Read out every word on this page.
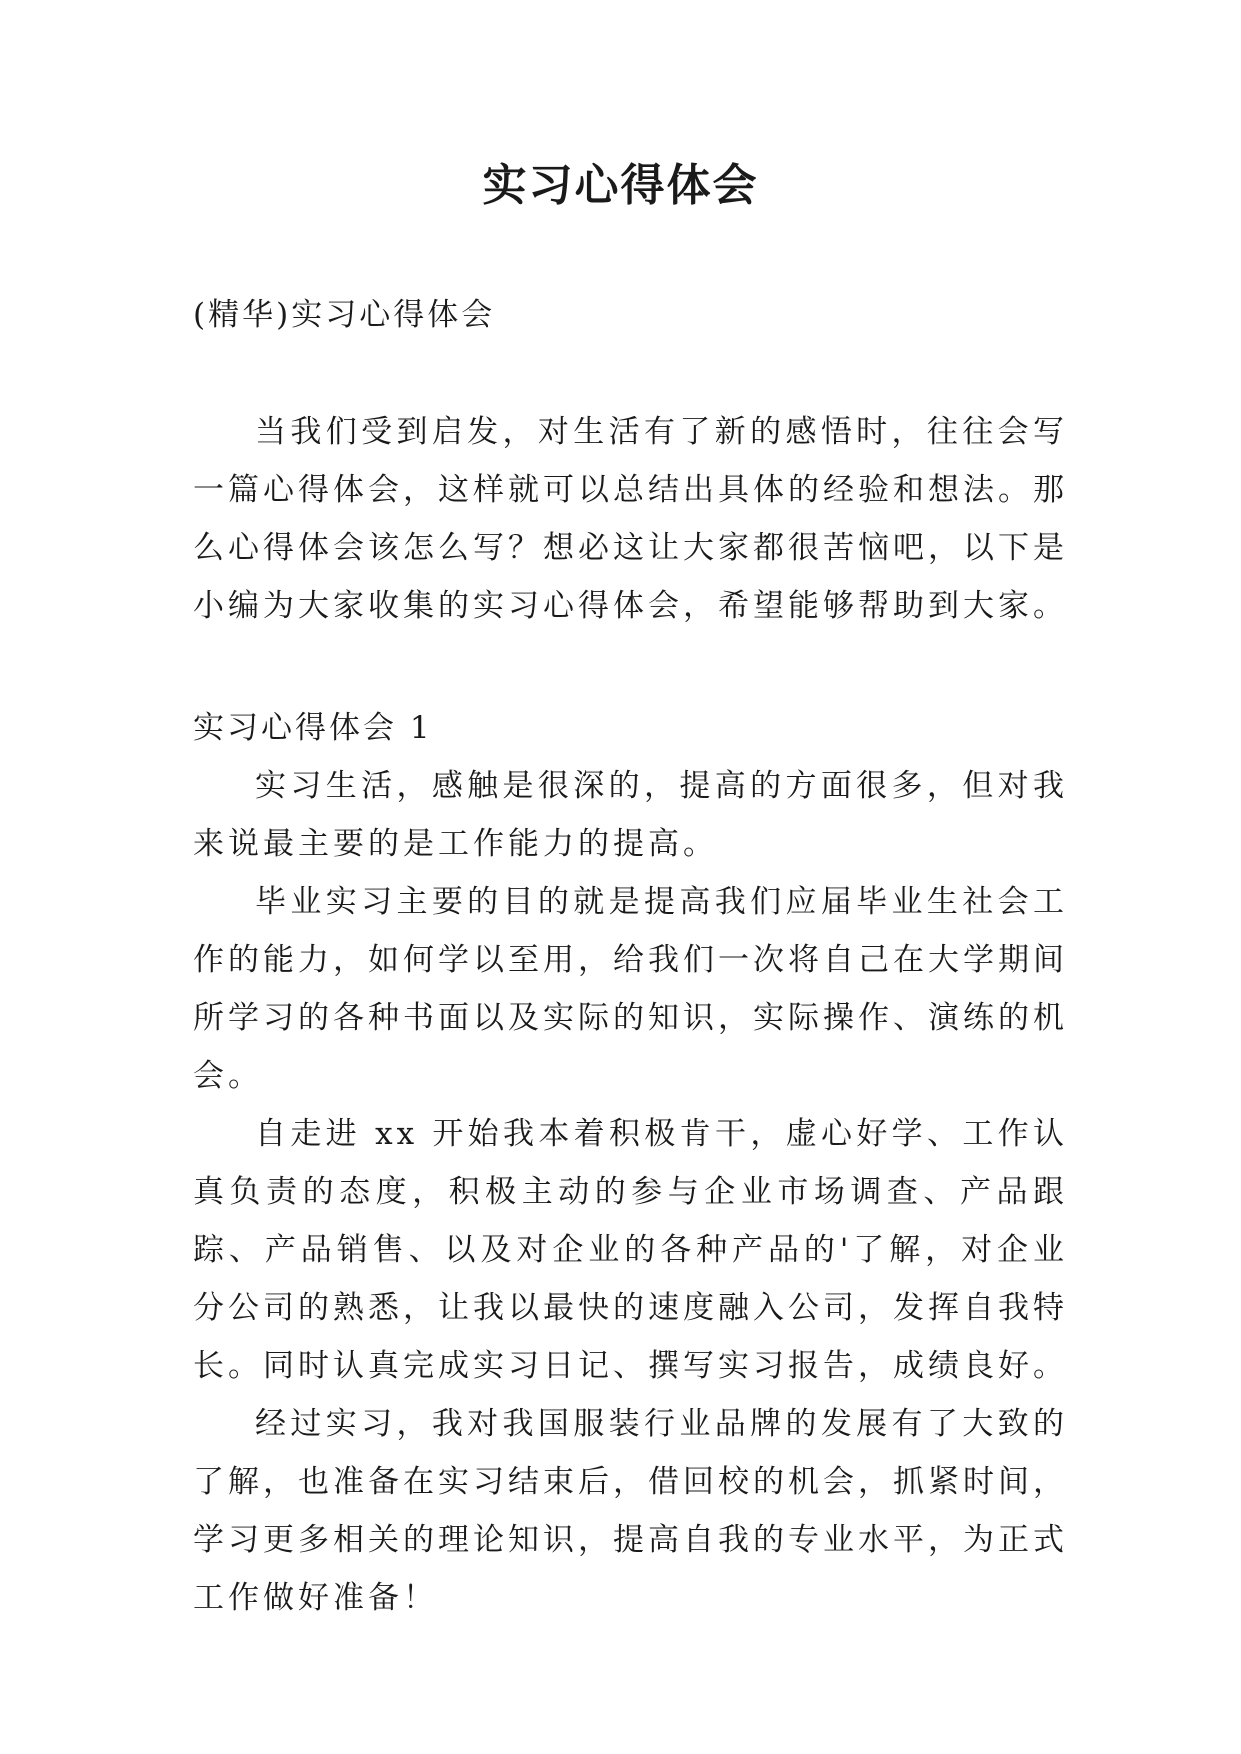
实习心得体会
(精华)实习心得体会

当我们受到启发，对生活有了新的感悟时，往往会写一篇心得体会，这样就可以总结出具体的经验和想法。那么心得体会该怎么写？想必这让大家都很苦恼吧，以下是小编为大家收集的实习心得体会，希望能够帮助到大家。

实习心得体会 1

实习生活，感触是很深的，提高的方面很多，但对我来说最主要的是工作能力的提高。

毕业实习主要的目的就是提高我们应届毕业生社会工作的能力，如何学以至用，给我们一次将自己在大学期间所学习的各种书面以及实际的知识，实际操作、演练的机会。

自走进 xx 开始我本着积极肯干，虚心好学、工作认真负责的态度，积极主动的参与企业市场调查、产品跟踪、产品销售、以及对企业的各种产品的'了解，对企业分公司的熟悉，让我以最快的速度融入公司，发挥自我特长。同时认真完成实习日记、撰写实习报告，成绩良好。

经过实习，我对我国服装行业品牌的发展有了大致的了解，也准备在实习结束后，借回校的机会，抓紧时间，学习更多相关的理论知识，提高自我的专业水平，为正式工作做好准备！
